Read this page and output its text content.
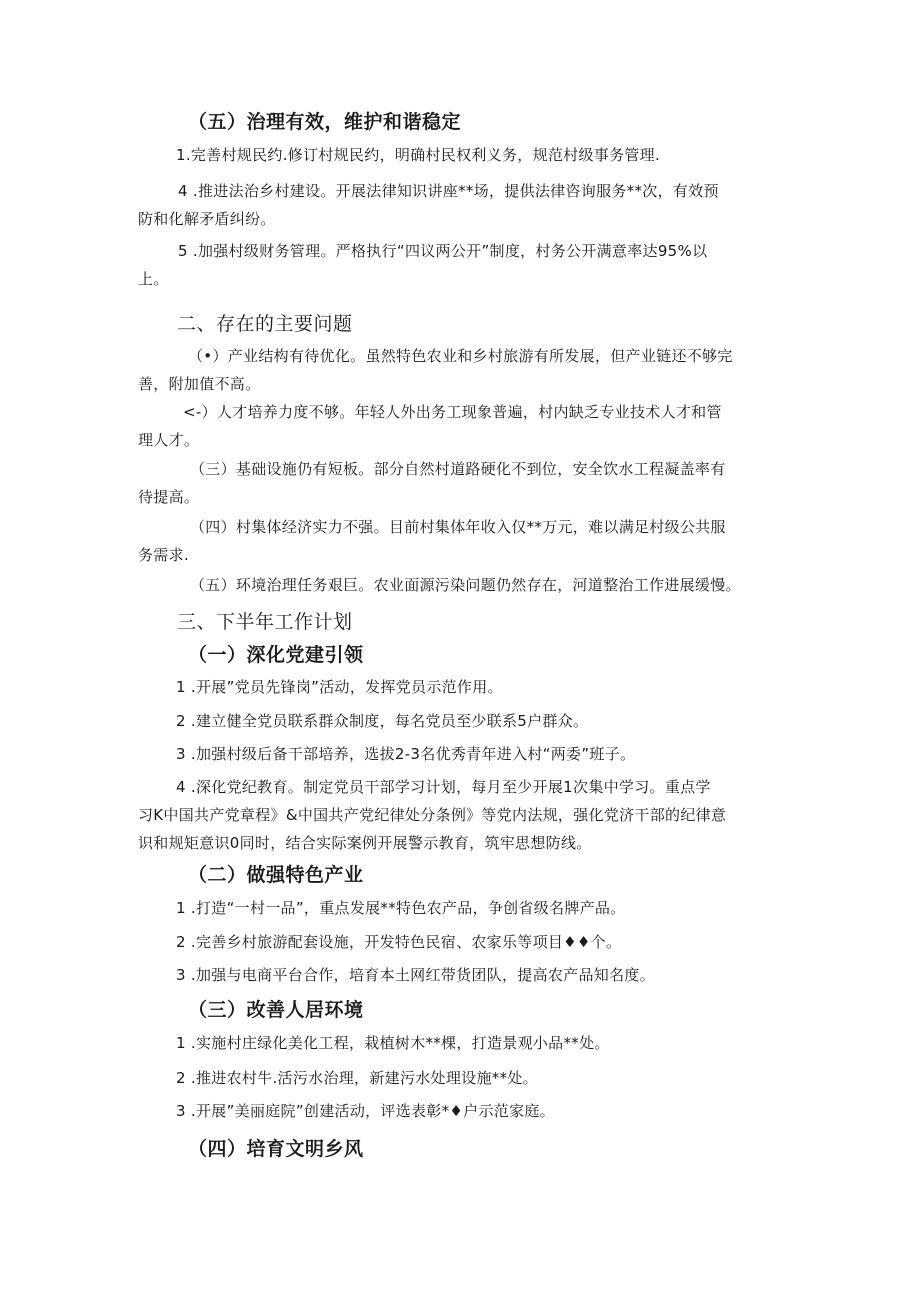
（五）治理有效，维护和谐稳定
1.完善村规民约.修订村规民约，明确村民权利义务，规范村级事务管理.
4 .推进法治乡村建设。开展法律知识讲座**场，提供法律咨询服务**次，有效预
防和化解矛盾纠纷。
5 .加强村级财务管理。严格执行“四议两公开”制度，村务公开满意率达95%以
上。
二、存在的主要问题
（•）产业结构有待优化。虽然特色农业和乡村旅游有所发展，但产业链还不够完
善，附加值不高。
<-）人才培养力度不够。年轻人外出务工现象普遍，村内缺乏专业技术人才和管
理人才。
（三）基础设施仍有短板。部分自然村道路硬化不到位，安全饮水工程凝盖率有
待提高。
（四）村集体经济实力不强。目前村集体年收入仅**万元，难以满足村级公共服
务需求.
（五）环境治理任务艰巨。农业面源污染问题仍然存在，河道整治工作进展缓慢。
三、下半年工作计划
（一）深化党建引领
1 .开展”党员先锋岗”活动，发挥党员示范作用。
2 .建立健全党员联系群众制度，每名党员至少联系5户群众。
3 .加强村级后备干部培养，选拔2-3名优秀青年进入村“两委”班子。
4 .深化党纪教育。制定党员干部学习计划，每月至少开展1次集中学习。重点学
习K中国共产党章程》&中国共产党纪律处分条例》等党内法规，强化党济干部的纪律意
识和规矩意识0同时，结合实际案例开展警示教育，筑牢思想防线。
（二）做强特色产业
1 .打造“一村一品”，重点发展**特色农产品，争创省级名牌产品。
2 .完善乡村旅游配套设施，开发特色民宿、农家乐等项目♦♦个。
3 .加强与电商平台合作，培育本土网红带货团队，提高农产品知名度。
（三）改善人居环境
1 .实施村庄绿化美化工程，栽植树木**棵，打造景观小品**处。
2 .推进农村牛.活污水治理，新建污水处理设施**处。
3 .开展”美丽庭院”创建活动，评选表彰*♦户示范家庭。
（四）培育文明乡风
